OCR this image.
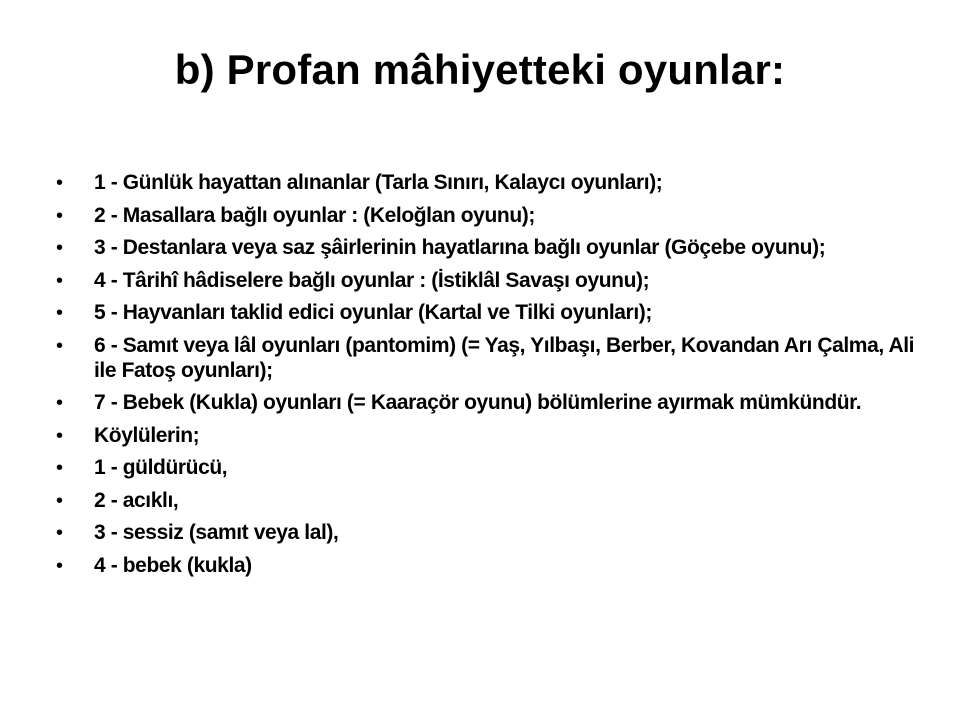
b) Profan mâhiyetteki oyunlar:
•	1 - Günlük hayattan alınanlar (Tarla Sınırı, Kalaycı oyunları);
•	2 - Masallara bağlı oyunlar : (Keloğlan oyunu);
•	3 - Destanlara veya saz şâirlerinin hayatlarına bağlı oyunlar (Göçebe oyunu);
•	4 - Târihî hâdiselere bağlı oyunlar : (İstiklâl Savaşı oyunu);
•	5 - Hayvanları taklid edici oyunlar (Kartal ve Tilki oyunları);
•	6 - Samıt veya lâl oyunları (pantomim) (= Yaş, Yılbaşı, Berber, Kovandan Arı Çalma, Ali ile Fatoş oyunları);
•	7 - Bebek (Kukla) oyunları (= Kaaraçör oyunu) bölümlerine ayırmak mümkündür.
•	Köylülerin;
•	1 - güldürücü,
•	2 - acıklı,
•	3 - sessiz (samıt veya lal),
•	4 - bebek (kukla)
